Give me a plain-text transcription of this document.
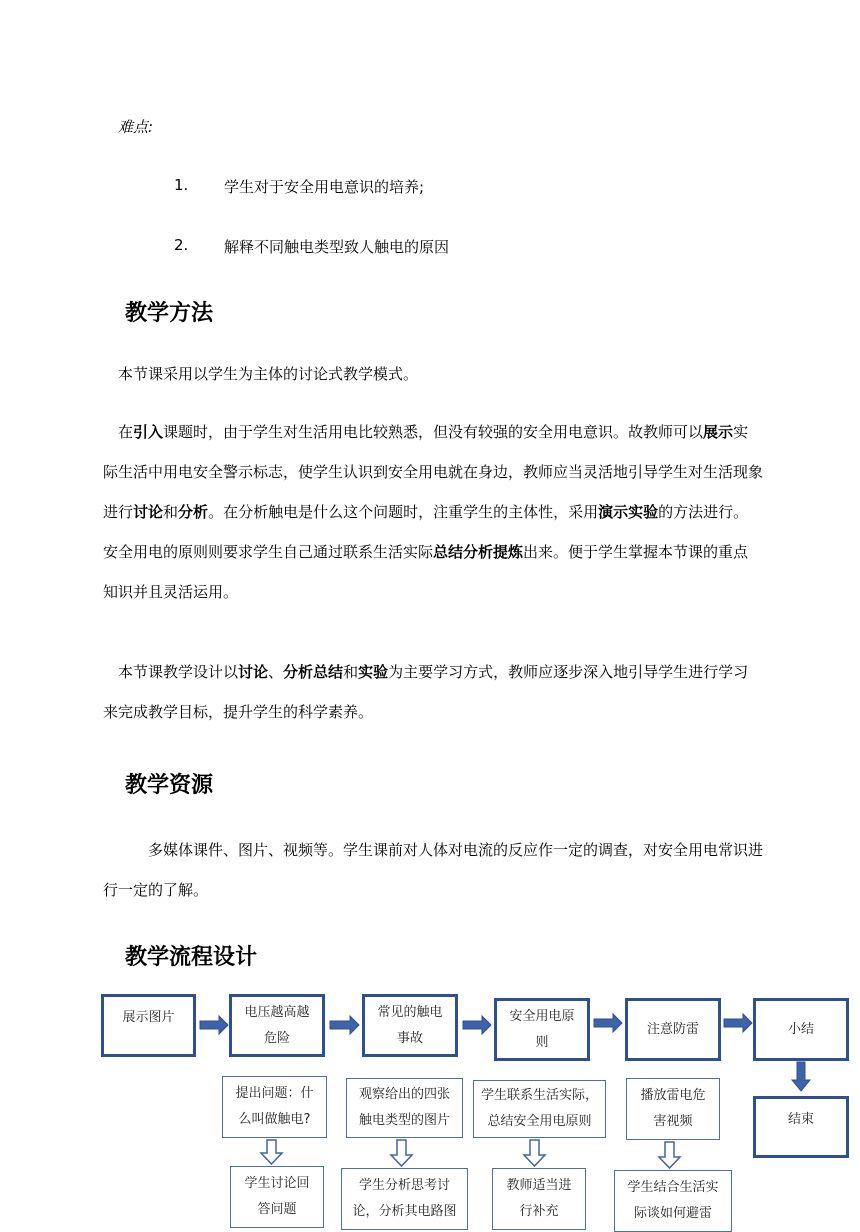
难点:
1.	学生对于安全用电意识的培养;
2.	解释不同触电类型致人触电的原因
教学方法
本节课采用以学生为主体的讨论式教学模式。
在引入课题时，由于学生对生活用电比较熟悉，但没有较强的安全用电意识。故教师可以展示实际生活中用电安全警示标志，使学生认识到安全用电就在身边，教师应当灵活地引导学生对生活现象进行讨论和分析。在分析触电是什么这个问题时，注重学生的主体性，采用演示实验的方法进行。安全用电的原则则要求学生自己通过联系生活实际总结分析提炼出来。便于学生掌握本节课的重点知识并且灵活运用。
本节课教学设计以讨论、分析总结和实验为主要学习方式，教师应逐步深入地引导学生进行学习来完成教学目标，提升学生的科学素养。
教学资源
多媒体课件、图片、视频等。学生课前对人体对电流的反应作一定的调查，对安全用电常识进行一定的了解。
教学流程设计
展示图片	电压越高越危险
常见的触电事故
安全用电原则
注意防雷	小结
结束
提出问题：什么叫做触电?
观察给出的四张触电类型的图片
学生联系生活实际，总结安全用电原则
播放雷电危害视频
学生讨论回答问题
学生分析思考讨论，分析其电路图
教师适当进行补充
学生结合生活实际谈如何避雷
